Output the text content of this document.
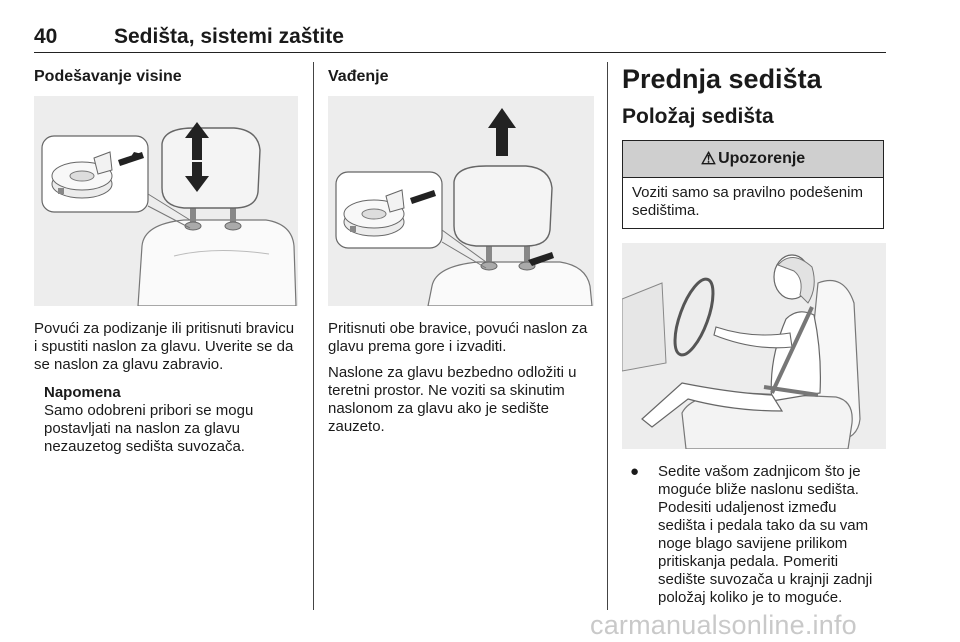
40	Sedišta, sistemi zaštite
Podešavanje visine

Povući za podizanje ili pritisnuti bravicu i spustiti naslon za glavu. Uverite se da se naslon za glavu zabravio.

Napomena

Samo odobreni pribori se mogu postavljati na naslon za glavu nezauzetog sedišta suvozača.

Vađenje

Pritisnuti obe bravice, povući naslon za glavu prema gore i izvaditi.

Naslone za glavu bezbedno odložiti u teretni prostor. Ne voziti sa skinutim naslonom za glavu ako je sedište zauzeto.

Prednja sedišta
Položaj sedišta
⚠ Upozorenje
Voziti samo sa pravilno podešenim sedištima.
●	Sedite vašom zadnjicom što je moguće bliže naslonu sedišta. Podesiti udaljenost između sedišta i pedala tako da su vam noge blago savijene prilikom pritiskanja pedala. Pomeriti sedište suvozača u krajnji zadnji položaj koliko je to moguće.
carmanualsonline.info
